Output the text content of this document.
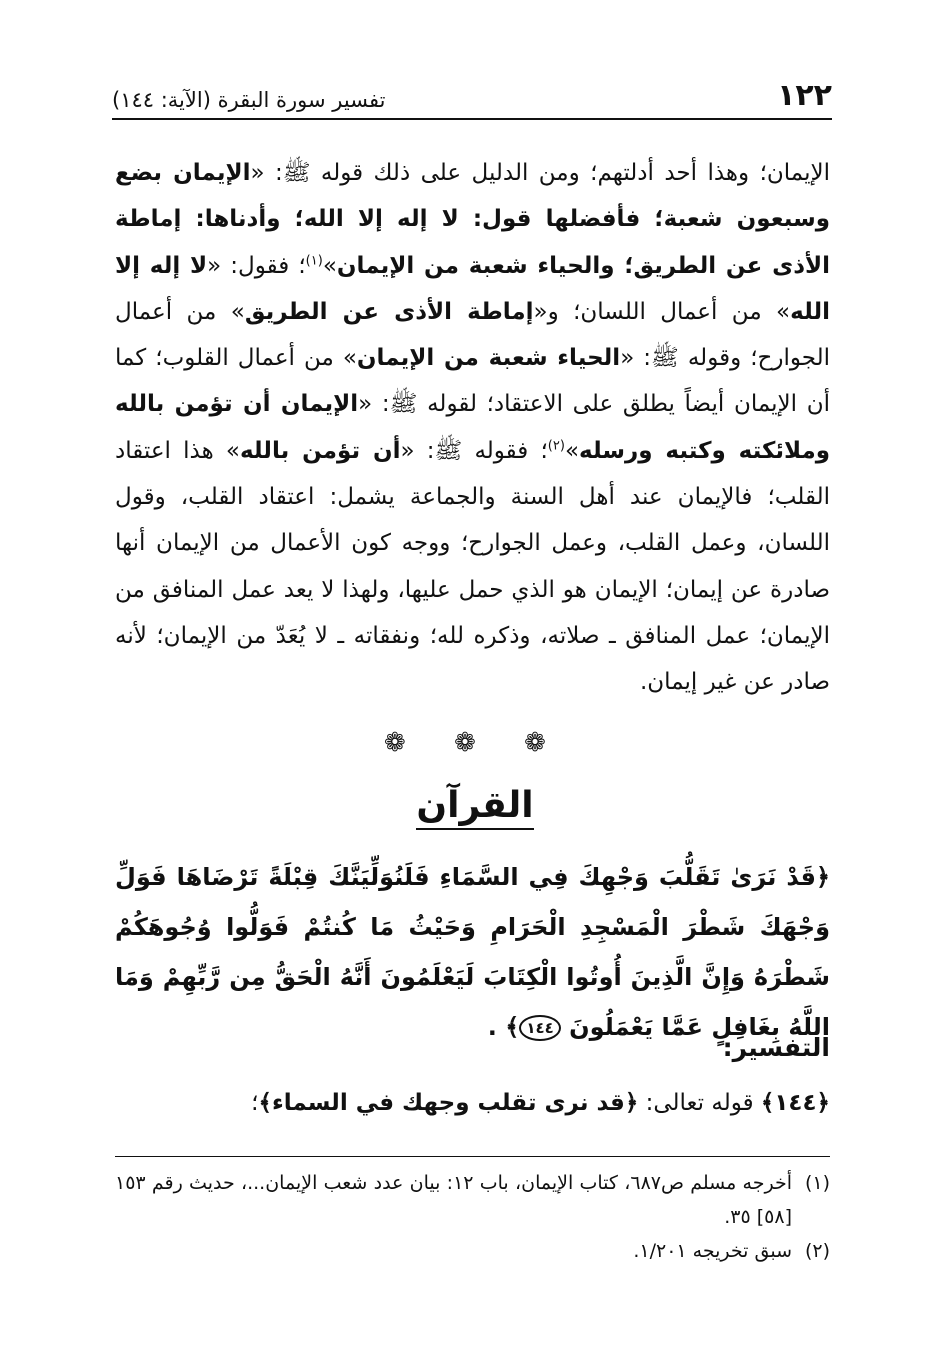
١٢٢
تفسير سورة البقرة (الآية: ١٤٤)

الإيمان؛ وهذا أحد أدلتهم؛ ومن الدليل على ذلك قوله ﷺ: «الإيمان بضع وسبعون شعبة؛ فأفضلها قول: لا إله إلا الله؛ وأدناها: إماطة الأذى عن الطريق؛ والحياء شعبة من الإيمان»$^{(١)}$؛ فقول: «لا إله إلا الله» من أعمال اللسان؛ و«إماطة الأذى عن الطريق» من أعمال الجوارح؛ وقوله ﷺ: «الحياء شعبة من الإيمان» من أعمال القلوب؛ كما أن الإيمان أيضاً يطلق على الاعتقاد؛ لقوله ﷺ: «الإيمان أن تؤمن بالله وملائكته وكتبه ورسله»$^{(٢)}$؛ فقوله ﷺ: «أن تؤمن بالله» هذا اعتقاد القلب؛ فالإيمان عند أهل السنة والجماعة يشمل: اعتقاد القلب، وقول اللسان، وعمل القلب، وعمل الجوارح؛ ووجه كون الأعمال من الإيمان أنها صادرة عن إيمان؛ الإيمان هو الذي حمل عليها، ولهذا لا يعد عمل المنافق من الإيمان؛ عمل المنافق ـ صلاته، وذكره لله؛ ونفقاته ـ لا يُعَدّ من الإيمان؛ لأنه صادر عن غير إيمان.

❁ ❁ ❁
القرآن

﴿قَدْ نَرَىٰ تَقَلُّبَ وَجْهِكَ فِي السَّمَاءِ فَلَنُوَلِّيَنَّكَ قِبْلَةً تَرْضَاهَا فَوَلِّ وَجْهَكَ شَطْرَ الْمَسْجِدِ الْحَرَامِ وَحَيْثُ مَا كُنتُمْ فَوَلُّوا وُجُوهَكُمْ شَطْرَهُ وَإِنَّ الَّذِينَ أُوتُوا الْكِتَابَ لَيَعْلَمُونَ أَنَّهُ الْحَقُّ مِن رَّبِّهِمْ وَمَا اللَّهُ بِغَافِلٍ عَمَّا يَعْمَلُونَ ١٤٤﴾ .

التفسير:
﴿١٤٤﴾ قوله تعالى: ﴿قد نرى تقلب وجهك في السماء﴾؛

(١)
أخرجه مسلم ص٦٨٧، كتاب الإيمان، باب ١٢: بيان عدد شعب الإيمان...، حديث رقم ١٥٣ [٥٨] ٣٥.

(٢)
سبق تخريجه ١/٢٠١.
